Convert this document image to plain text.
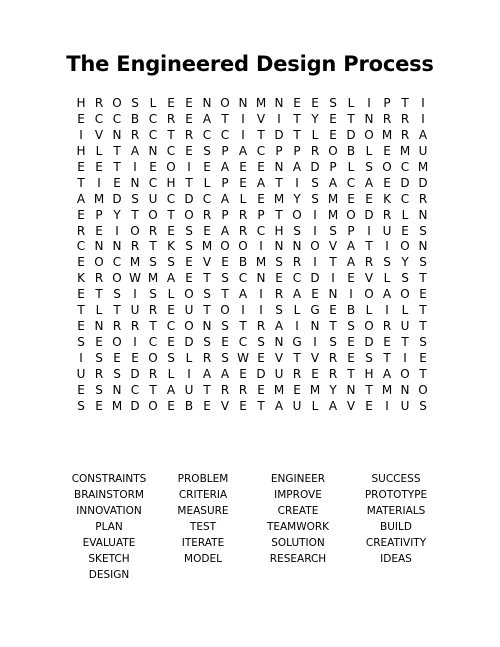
The Engineered Design Process
H R O S L E E N O N M N E E S L	I	P T	I
E C C B C R E A T	I	V	I	T Y E T N R R	I
I	V N R C T R C C	I	T D T L E D O M R A
H L T A N C E S P A C P P R O B L E M U
E E T	I	E O I	E A E E N A D P L S O C M
T	I	E N C H T L P E A T	I	S A C A E D D
A M D S U C D C A L E M Y S M E E K C R
E P Y T O T O R P R P T O I M O D R L N
R E	I O R E S E A R C H S	I	S P	I U E S
C N N R T K S M O O I N N O V A T	I O N
E O C M S S E V E B M S R	I	T A R S Y S
K R O W M A E T S C N E C D I	E V L S T
E T S	I	S L O S T A	I	R A E N I O A O E
T L T U R E U T O I	I	S L G E B L	I	L T
E N R R T C O N S T R A	I N T S O R U T
S E O I	C E D S E C S N G I	S E D E T S
I	S E E O S L R S W E V T V R E S T	I	E
U R S D R L	I	A A E D U R E R T H A O T
E S N C T A U T R R E M E M Y N T M N O
S E M D O E B E V E T A U L A V E	I U S
CONSTRAINTS	PROBLEM	ENGINEER	SUCCESS
BRAINSTORM	CRITERIA	IMPROVE	PROTOTYPE
INNOVATION	MEASURE	CREATE	MATERIALS
PLAN	TEST	TEAMWORK	BUILD
EVALUATE	ITERATE	SOLUTION	CREATIVITY
SKETCH	MODEL	RESEARCH	IDEAS
DESIGN
